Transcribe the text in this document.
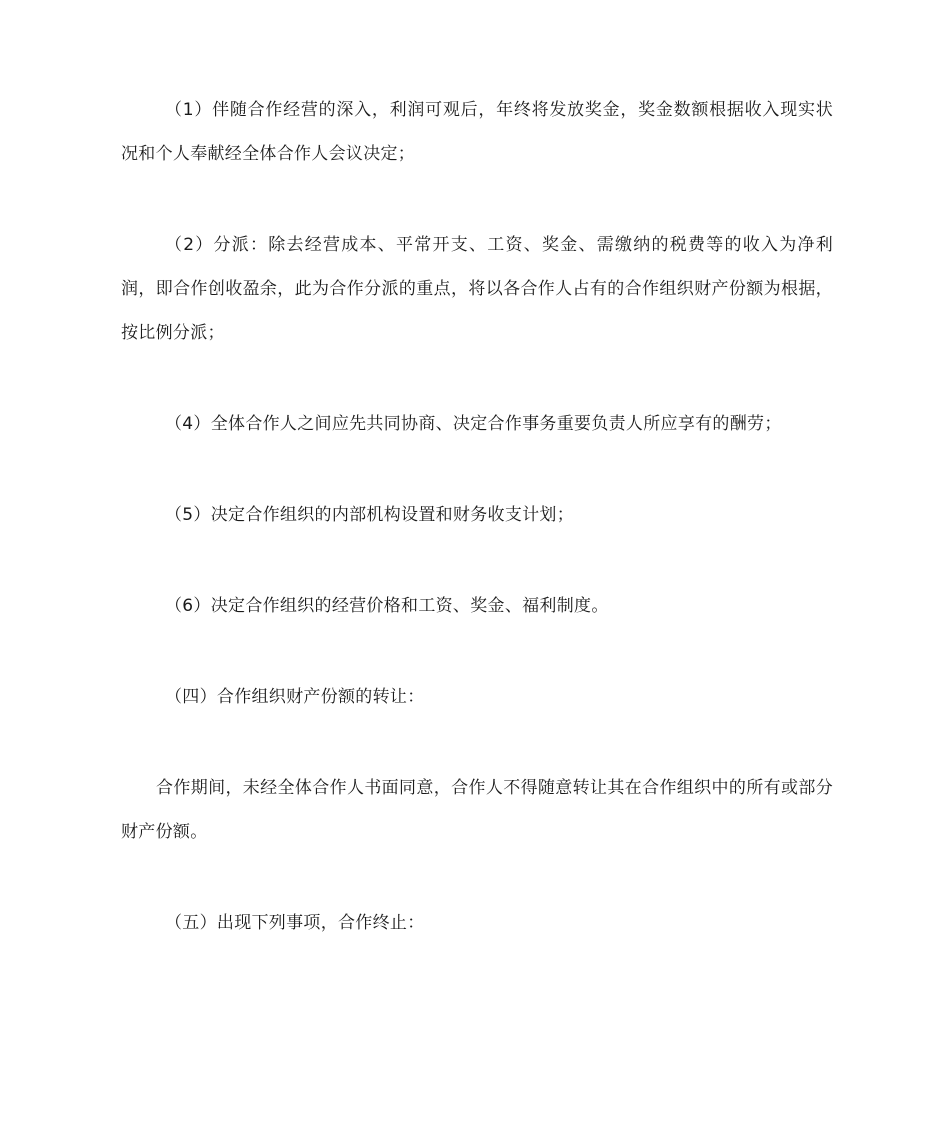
（1）伴随合作经营的深入，利润可观后，年终将发放奖金，奖金数额根据收入现实状况和个人奉献经全体合作人会议决定；

（2）分派：除去经营成本、平常开支、工资、奖金、需缴纳的税费等的收入为净利润，即合作创收盈余，此为合作分派的重点，将以各合作人占有的合作组织财产份额为根据，按比例分派；

（4）全体合作人之间应先共同协商、决定合作事务重要负责人所应享有的酬劳；

（5）决定合作组织的内部机构设置和财务收支计划；

（6）决定合作组织的经营价格和工资、奖金、福利制度。

（四）合作组织财产份额的转让：

合作期间，未经全体合作人书面同意，合作人不得随意转让其在合作组织中的所有或部分财产份额。

（五）出现下列事项，合作终止：
